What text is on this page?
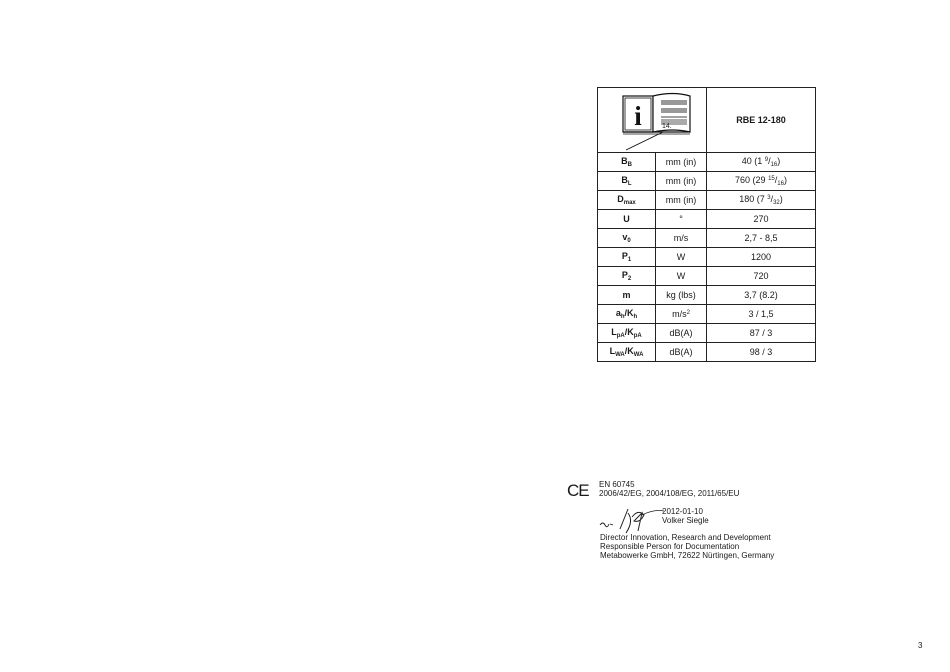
i 14.		RBE 12-180
$B_B$	mm (in)	40 (1 $^9/_{16}$)
$B_L$	mm (in)	760 (29 $^{15}/_{16}$)
$D_{max}$	mm (in)	180 (7 $^3/_{32}$)
U	°	270
$v_0$	m/s	2,7 - 8,5
$P_1$	W	1200
$P_2$	W	720
m	kg (lbs)	3,7 (8.2)
$a_h/K_h$	$m/s^2$	3 / 1,5
$L_{pA}/K_{pA}$	dB(A)	87 / 3
$L_{WA}/K_{WA}$	dB(A)	98 / 3
CE EN 60745
2006/42/EG, 2004/108/EG, 2011/65/EU
2012-01-10
Volker Siegle
Director Innovation, Research and Development
Responsible Person for Documentation
Metabowerke GmbH, 72622 Nürtingen, Germany
3
